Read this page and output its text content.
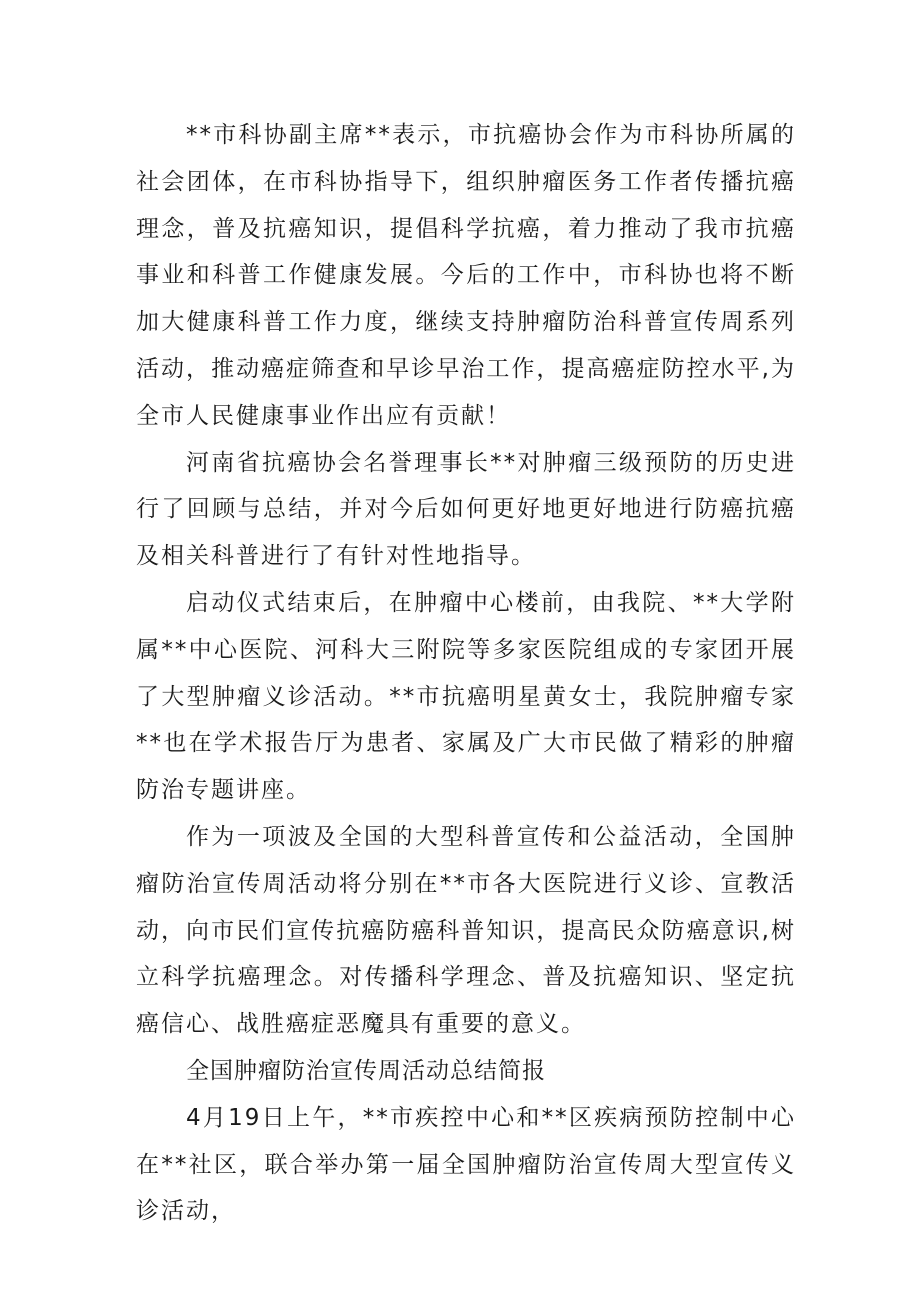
**市科协副主席**表示，市抗癌协会作为市科协所属的社会团体，在市科协指导下，组织肿瘤医务工作者传播抗癌理念，普及抗癌知识，提倡科学抗癌，着力推动了我市抗癌事业和科普工作健康发展。今后的工作中，市科协也将不断加大健康科普工作力度，继续支持肿瘤防治科普宣传周系列活动，推动癌症筛查和早诊早治工作，提高癌症防控水平,为全市人民健康事业作出应有贡献！

河南省抗癌协会名誉理事长**对肿瘤三级预防的历史进行了回顾与总结，并对今后如何更好地更好地进行防癌抗癌及相关科普进行了有针对性地指导。

启动仪式结束后，在肿瘤中心楼前，由我院、**大学附属**中心医院、河科大三附院等多家医院组成的专家团开展了大型肿瘤义诊活动。**市抗癌明星黄女士，我院肿瘤专家**也在学术报告厅为患者、家属及广大市民做了精彩的肿瘤防治专题讲座。

作为一项波及全国的大型科普宣传和公益活动，全国肿瘤防治宣传周活动将分别在**市各大医院进行义诊、宣教活动，向市民们宣传抗癌防癌科普知识，提高民众防癌意识,树立科学抗癌理念。对传播科学理念、普及抗癌知识、坚定抗癌信心、战胜癌症恶魔具有重要的意义。

全国肿瘤防治宣传周活动总结简报

4月19日上午，**市疾控中心和**区疾病预防控制中心在**社区，联合举办第一届全国肿瘤防治宣传周大型宣传义诊活动，
